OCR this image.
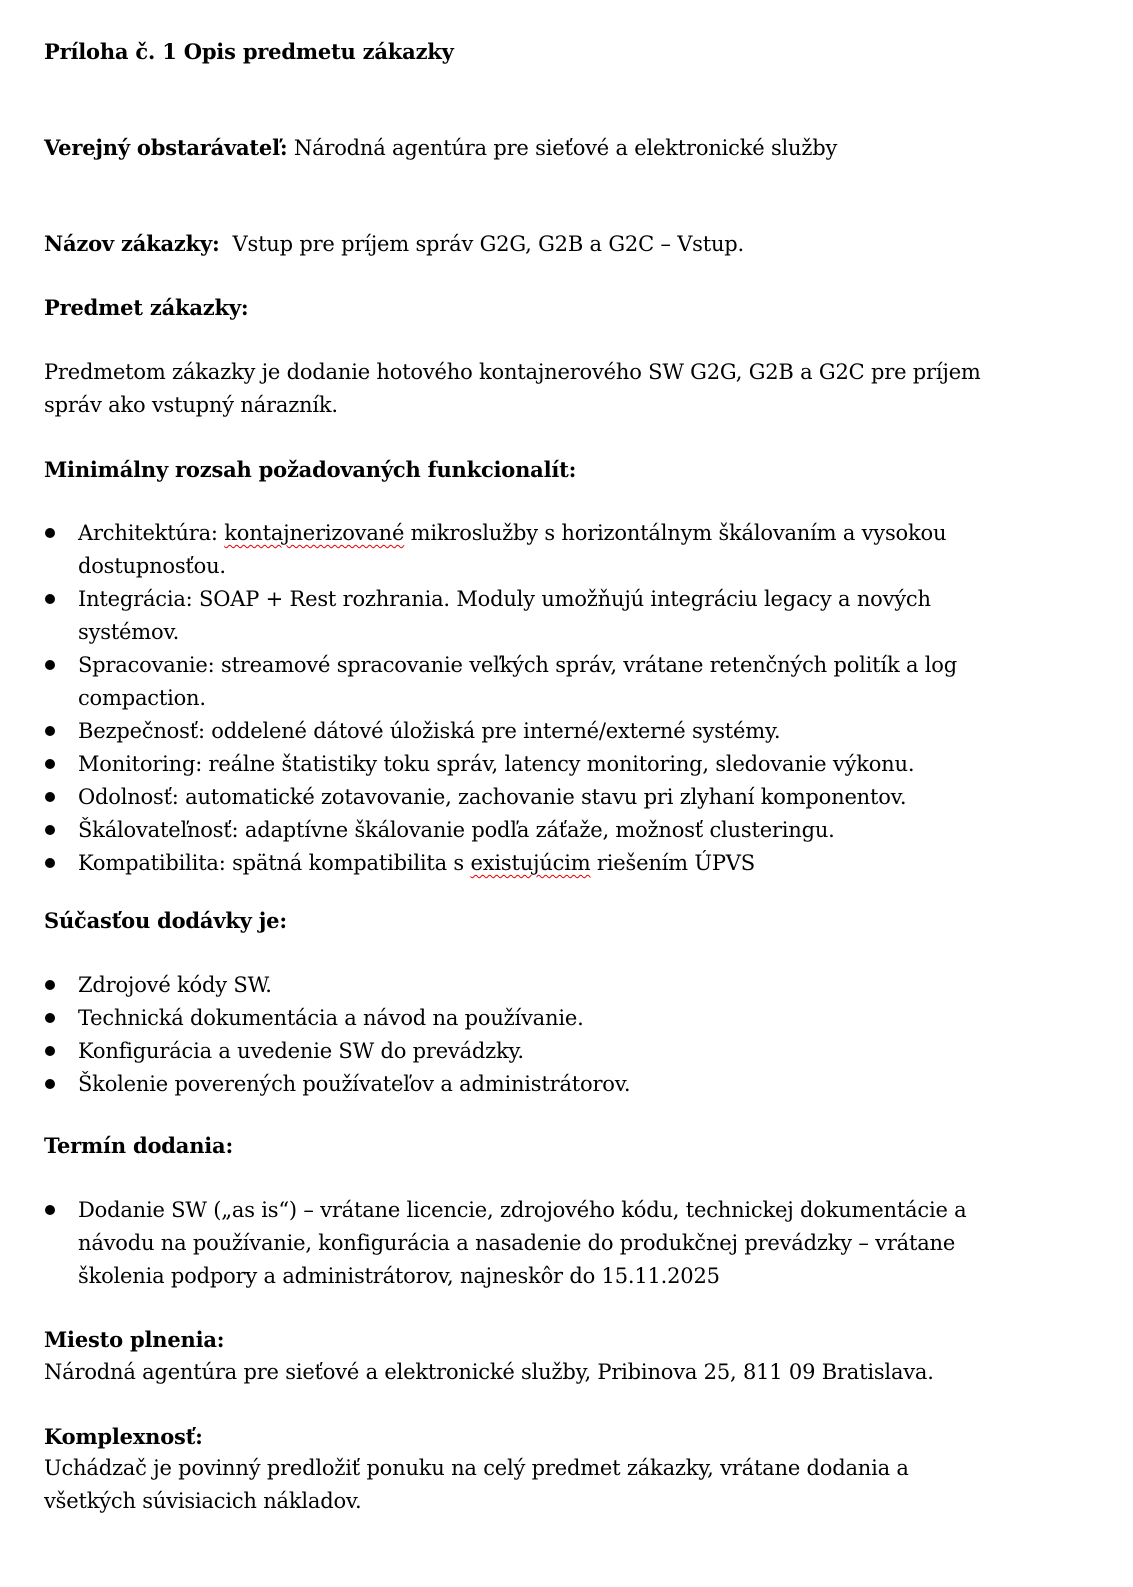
Príloha č. 1 Opis predmetu zákazky

Verejný obstarávateľ: Národná agentúra pre sieťové a elektronické služby

Názov zákazky:  Vstup pre príjem správ G2G, G2B a G2C – Vstup.

Predmet zákazky:

Predmetom zákazky je dodanie hotového kontajnerového SW G2G, G2B a G2C pre príjem správ ako vstupný nárazník.

Minimálny rozsah požadovaných funkcionalít:

Architektúra: kontajnerizované mikroslužby s horizontálnym škálovaním a vysokou dostupnosťou.
Integrácia: SOAP + Rest rozhrania. Moduly umožňujú integráciu legacy a nových systémov.
Spracovanie: streamové spracovanie veľkých správ, vrátane retenčných politík a log compaction.
Bezpečnosť: oddelené dátové úložiská pre interné/externé systémy.
Monitoring: reálne štatistiky toku správ, latency monitoring, sledovanie výkonu.
Odolnosť: automatické zotavovanie, zachovanie stavu pri zlyhaní komponentov.
Škálovateľnosť: adaptívne škálovanie podľa záťaže, možnosť clusteringu.
Kompatibilita: spätná kompatibilita s existujúcim riešením ÚPVS

Súčasťou dodávky je:

Zdrojové kódy SW.
Technická dokumentácia a návod na používanie.
Konfigurácia a uvedenie SW do prevádzky.
Školenie poverených používateľov a administrátorov.

Termín dodania:

Dodanie SW („as is“) – vrátane licencie, zdrojového kódu, technickej dokumentácie a návodu na používanie, konfigurácia a nasadenie do produkčnej prevádzky – vrátane školenia podpory a administrátorov, najneskôr do 15.11.2025

Miesto plnenia:

Národná agentúra pre sieťové a elektronické služby, Pribinova 25, 811 09 Bratislava.

Komplexnosť:

Uchádzač je povinný predložiť ponuku na celý predmet zákazky, vrátane dodania a všetkých súvisiacich nákladov.
